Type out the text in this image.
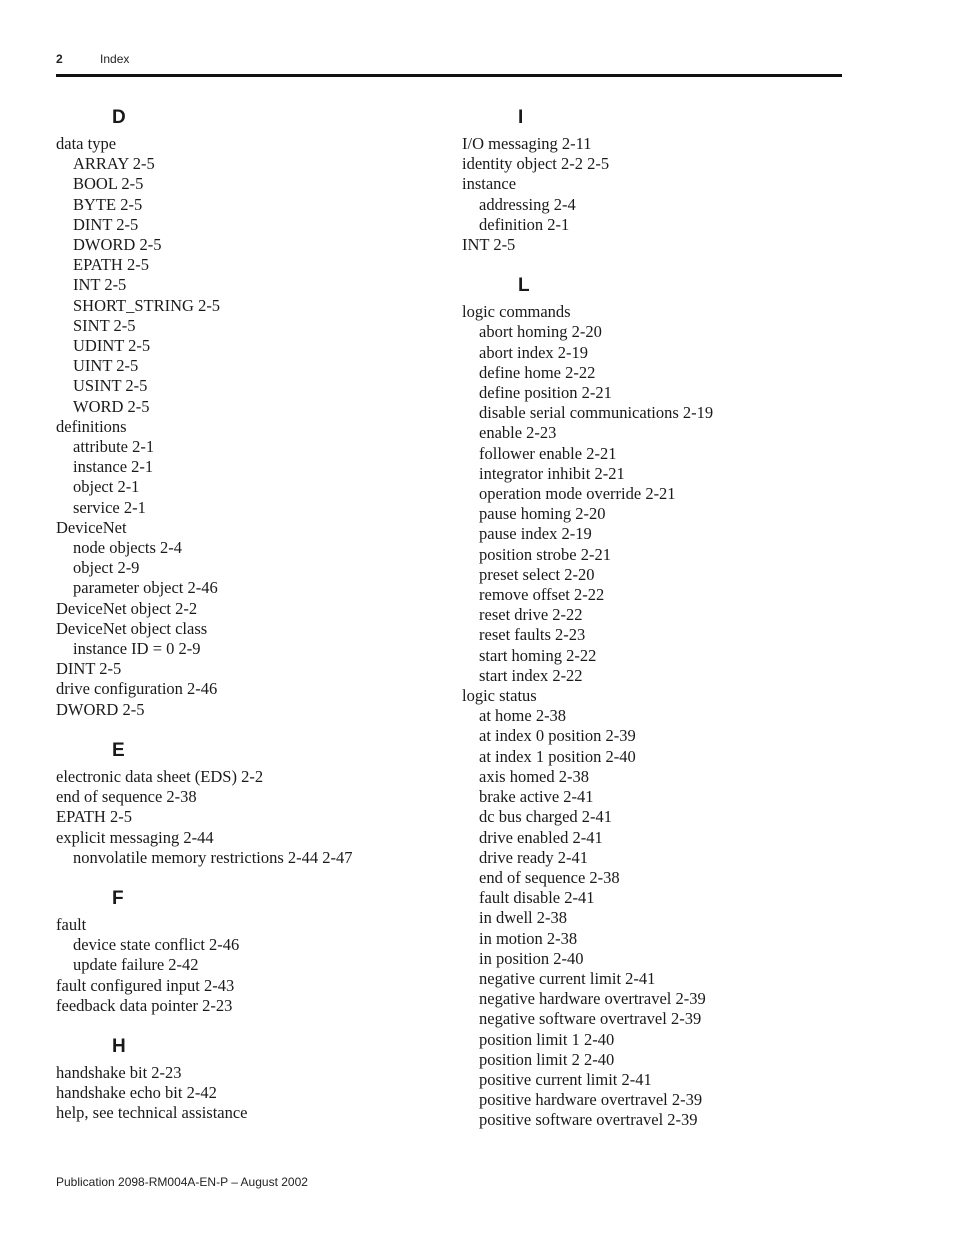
2	Index
D
data type
ARRAY 2-5
BOOL 2-5
BYTE 2-5
DINT 2-5
DWORD 2-5
EPATH 2-5
INT 2-5
SHORT_STRING 2-5
SINT 2-5
UDINT 2-5
UINT 2-5
USINT 2-5
WORD 2-5
definitions
attribute 2-1
instance 2-1
object 2-1
service 2-1
DeviceNet
node objects 2-4
object 2-9
parameter object 2-46
DeviceNet object 2-2
DeviceNet object class
instance ID = 0 2-9
DINT 2-5
drive configuration 2-46
DWORD 2-5
E
electronic data sheet (EDS) 2-2
end of sequence 2-38
EPATH 2-5
explicit messaging 2-44
nonvolatile memory restrictions 2-44 2-47
F
fault
device state conflict 2-46
update failure 2-42
fault configured input 2-43
feedback data pointer 2-23
H
handshake bit 2-23
handshake echo bit 2-42
help, see technical assistance
I
I/O messaging 2-11
identity object 2-2 2-5
instance
addressing 2-4
definition 2-1
INT 2-5
L
logic commands
abort homing 2-20
abort index 2-19
define home 2-22
define position 2-21
disable serial communications 2-19
enable 2-23
follower enable 2-21
integrator inhibit 2-21
operation mode override 2-21
pause homing 2-20
pause index 2-19
position strobe 2-21
preset select 2-20
remove offset 2-22
reset drive 2-22
reset faults 2-23
start homing 2-22
start index 2-22
logic status
at home 2-38
at index 0 position 2-39
at index 1 position 2-40
axis homed 2-38
brake active 2-41
dc bus charged 2-41
drive enabled 2-41
drive ready 2-41
end of sequence 2-38
fault disable 2-41
in dwell 2-38
in motion 2-38
in position 2-40
negative current limit 2-41
negative hardware overtravel 2-39
negative software overtravel 2-39
position limit 1 2-40
position limit 2 2-40
positive current limit 2-41
positive hardware overtravel 2-39
positive software overtravel 2-39
Publication 2098-RM004A-EN-P – August 2002
